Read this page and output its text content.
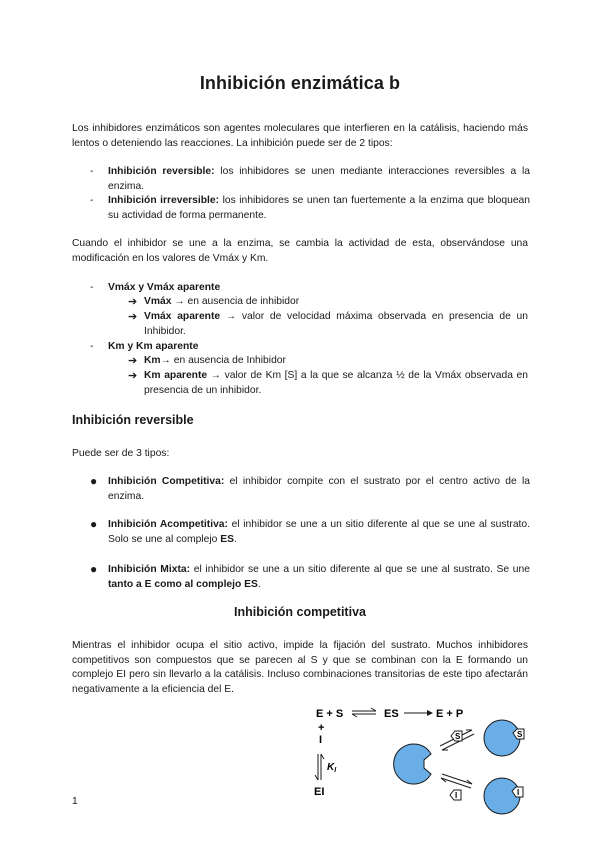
Inhibición enzimática b
Los inhibidores enzimáticos son agentes moleculares que interfieren en la catálisis, haciendo más lentos o deteniendo las reacciones. La inhibición puede ser de 2 tipos:
- Inhibición reversible: los inhibidores se unen mediante interacciones reversibles a la enzima.
- Inhibición irreversible: los inhibidores se unen tan fuertemente a la enzima que bloquean su actividad de forma permanente.
Cuando el inhibidor se une a la enzima, se cambia la actividad de esta, observándose una modificación en los valores de Vmáx y Km.
- Vmáx y Vmáx aparente
➔ Vmáx → en ausencia de inhibidor
➔ Vmáx aparente → valor de velocidad máxima observada en presencia de un Inhibidor.
- Km y Km aparente
➔ Km→ en ausencia de Inhibidor
➔ Km aparente → valor de Km [S] a la que se alcanza ½ de la Vmáx observada en presencia de un inhibidor.
Inhibición reversible
Puede ser de 3 tipos:
● Inhibición Competitiva: el inhibidor compite con el sustrato por el centro activo de la enzima.
● Inhibición Acompetitiva: el inhibidor se une a un sitio diferente al que se une al sustrato. Solo se une al complejo ES.
● Inhibición Mixta: el inhibidor se une a un sitio diferente al que se une al sustrato. Se une tanto a E como al complejo ES.
Inhibición competitiva
Mientras el inhibidor ocupa el sitio activo, impide la fijación del sustrato. Muchos inhibidores competitivos son compuestos que se parecen al S y que se combinan con la E formando un complejo EI pero sin llevarlo a la catálisis. Incluso combinaciones transitorias de este tipo afectarán negativamente a la eficiencia del E.
E + S	ES	E + P
+
I
$K_I$
EI
S	S
I	I
1
